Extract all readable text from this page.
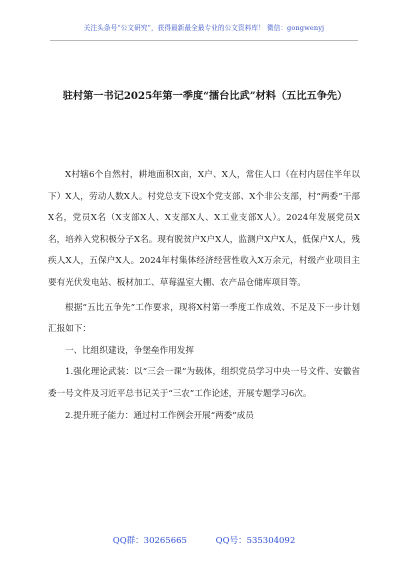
关注头条号“公文研究”，获得最新最全最专业的公文资料库！ 微信：gongwenyj
驻村第一书记2025年第一季度“擂台比武”材料（五比五争先）

X村辖6个自然村，耕地面积X亩，X户、X人，常住人口（在村内居住半年以下）X人，劳动人数X人。村党总支下设X个党支部、X个非公支部，村“两委”干部X名，党员X名（X支部X人、X支部X人、X工业支部X人）。2024年发展党员X名，培养入党积极分子X名。现有脱贫户X户X人，监测户X户X人，低保户X人，残疾人X人，五保户X人。2024年村集体经济经营性收入X万余元，村级产业项目主要有光伏发电站、板材加工、草莓温室大棚、农产品仓储库项目等。

根据“五比五争先”工作要求，现将X村第一季度工作成效、不足及下一步计划汇报如下：

一、比组织建设，争堡垒作用发挥

1.强化理论武装：以“三会一课”为载体，组织党员学习中央一号文件、安徽省委一号文件及习近平总书记关于“三农”工作论述，开展专题学习6次。

2.提升班子能力：通过村工作例会开展“两委”成员

QQ群：30265665	QQ号：535304092
